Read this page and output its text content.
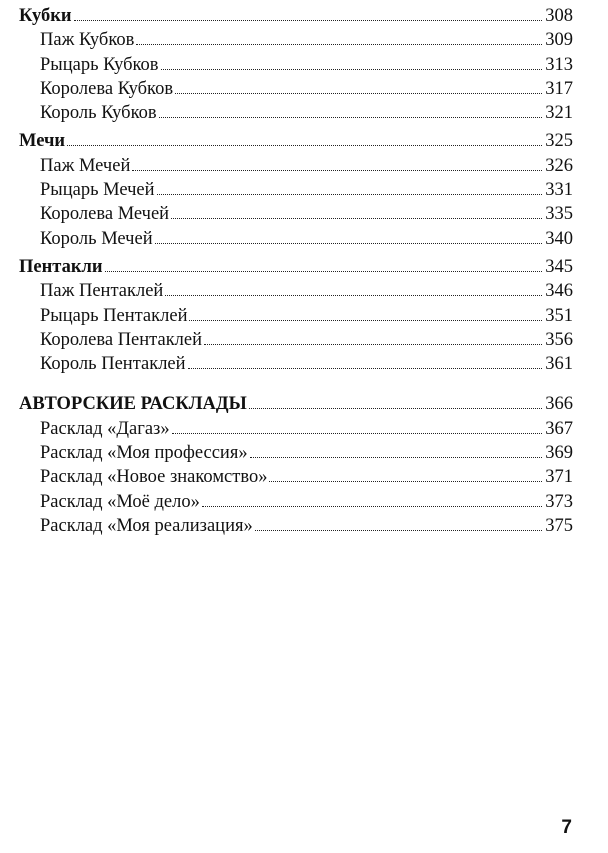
Кубки	308
Паж Кубков	309
Рыцарь Кубков	313
Королева Кубков	317
Король Кубков	321
Мечи	325
Паж Мечей	326
Рыцарь Мечей	331
Королева Мечей	335
Король Мечей	340
Пентакли	345
Паж Пентаклей	346
Рыцарь Пентаклей	351
Королева Пентаклей	356
Король Пентаклей	361
АВТОРСКИЕ РАСКЛАДЫ	366
Расклад «Дагаз»	367
Расклад «Моя профессия»	369
Расклад «Новое знакомство»	371
Расклад «Моё дело»	373
Расклад «Моя реализация»	375
7
